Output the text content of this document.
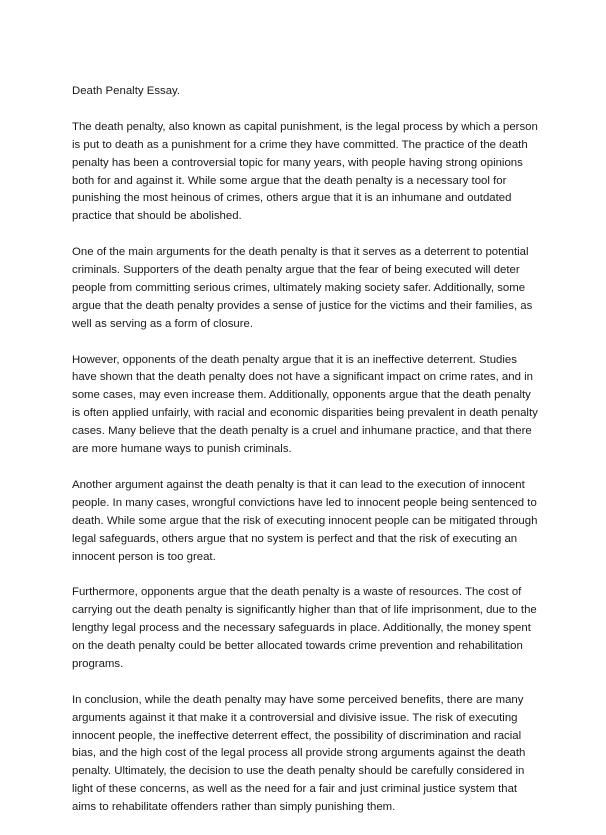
Death Penalty Essay.

The death penalty, also known as capital punishment, is the legal process by which a person is put to death as a punishment for a crime they have committed. The practice of the death penalty has been a controversial topic for many years, with people having strong opinions both for and against it. While some argue that the death penalty is a necessary tool for punishing the most heinous of crimes, others argue that it is an inhumane and outdated practice that should be abolished.

One of the main arguments for the death penalty is that it serves as a deterrent to potential criminals. Supporters of the death penalty argue that the fear of being executed will deter people from committing serious crimes, ultimately making society safer. Additionally, some argue that the death penalty provides a sense of justice for the victims and their families, as well as serving as a form of closure.

However, opponents of the death penalty argue that it is an ineffective deterrent. Studies have shown that the death penalty does not have a significant impact on crime rates, and in some cases, may even increase them. Additionally, opponents argue that the death penalty is often applied unfairly, with racial and economic disparities being prevalent in death penalty cases. Many believe that the death penalty is a cruel and inhumane practice, and that there are more humane ways to punish criminals.

Another argument against the death penalty is that it can lead to the execution of innocent people. In many cases, wrongful convictions have led to innocent people being sentenced to death. While some argue that the risk of executing innocent people can be mitigated through legal safeguards, others argue that no system is perfect and that the risk of executing an innocent person is too great.

Furthermore, opponents argue that the death penalty is a waste of resources. The cost of carrying out the death penalty is significantly higher than that of life imprisonment, due to the lengthy legal process and the necessary safeguards in place. Additionally, the money spent on the death penalty could be better allocated towards crime prevention and rehabilitation programs.

In conclusion, while the death penalty may have some perceived benefits, there are many arguments against it that make it a controversial and divisive issue. The risk of executing innocent people, the ineffective deterrent effect, the possibility of discrimination and racial bias, and the high cost of the legal process all provide strong arguments against the death penalty. Ultimately, the decision to use the death penalty should be carefully considered in light of these concerns, as well as the need for a fair and just criminal justice system that aims to rehabilitate offenders rather than simply punishing them.
